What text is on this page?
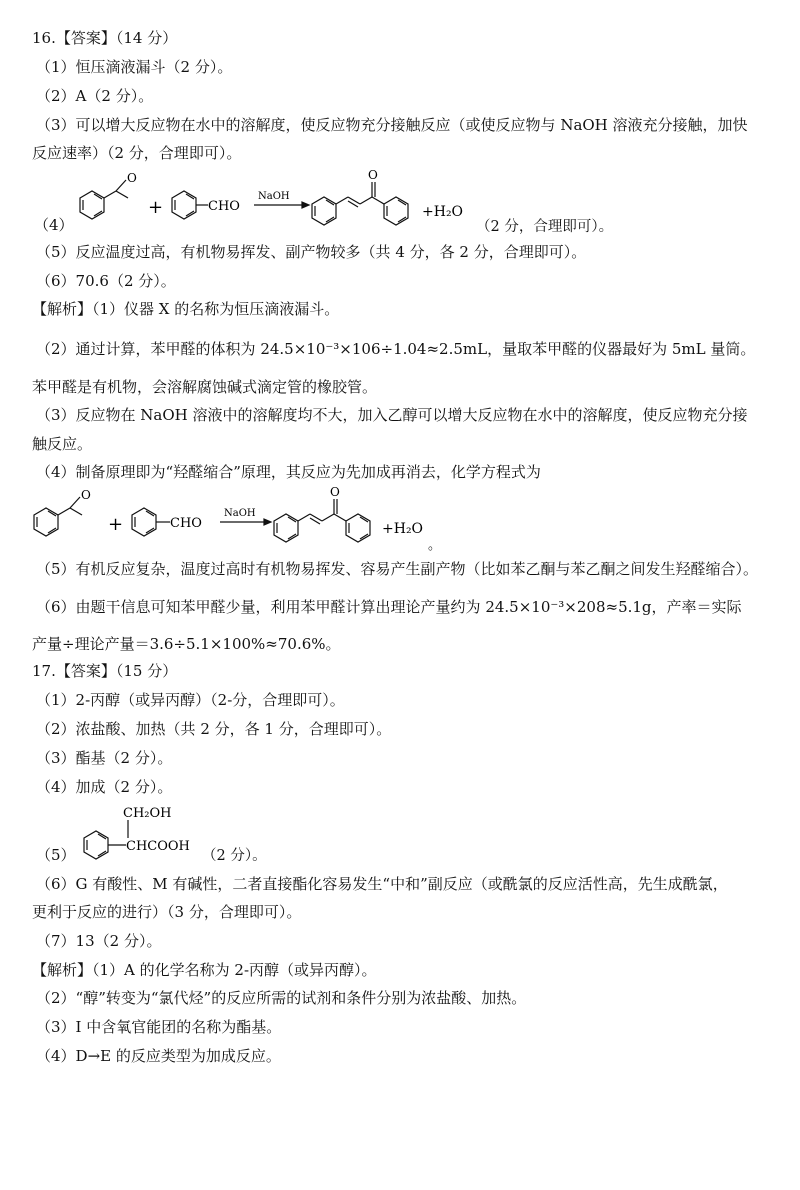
16.【答案】（14 分）
（1）恒压滴液漏斗（2 分）。
（2）A（2 分）。
（3）可以增大反应物在水中的溶解度，使反应物充分接触反应（或使反应物与 NaOH 溶液充分接触，加快
反应速率）（2 分，合理即可）。
（4）
O
+	CHO
NaOH
O
+H₂O
（2 分，合理即可）。
（5）反应温度过高，有机物易挥发、副产物较多（共 4 分，各 2 分，合理即可）。
（6）70.6（2 分）。
【解析】（1）仪器 X 的名称为恒压滴液漏斗。
（2）通过计算，苯甲醛的体积为 24.5×10⁻³×106÷1.04≈2.5mL，量取苯甲醛的仪器最好为 5mL 量筒。
苯甲醛是有机物，会溶解腐蚀碱式滴定管的橡胶管。
（3）反应物在 NaOH 溶液中的溶解度均不大，加入乙醇可以增大反应物在水中的溶解度，使反应物充分接
触反应。
（4）制备原理即为“羟醛缩合”原理，其反应为先加成再消去，化学方程式为
O
+	CHO
NaOH
O
+H₂O
。
（5）有机反应复杂，温度过高时有机物易挥发、容易产生副产物（比如苯乙酮与苯乙酮之间发生羟醛缩合）。
（6）由题干信息可知苯甲醛少量，利用苯甲醛计算出理论产量约为 24.5×10⁻³×208≈5.1g，产率＝实际
产量÷理论产量＝3.6÷5.1×100%≈70.6%。
17.【答案】（15 分）
（1）2-丙醇（或异丙醇）（2-分，合理即可）。
（2）浓盐酸、加热（共 2 分，各 1 分，合理即可）。
（3）酯基（2 分）。
（4）加成（2 分）。
（5）
CH₂OH
CHCOOH
（2 分）。
（6）G 有酸性、M 有碱性，二者直接酯化容易发生“中和”副反应（或酰氯的反应活性高，先生成酰氯，
更利于反应的进行）（3 分，合理即可）。
（7）13（2 分）。
【解析】（1）A 的化学名称为 2-丙醇（或异丙醇）。
（2）“醇”转变为“氯代烃”的反应所需的试剂和条件分别为浓盐酸、加热。
（3）I 中含氧官能团的名称为酯基。
（4）D→E 的反应类型为加成反应。
